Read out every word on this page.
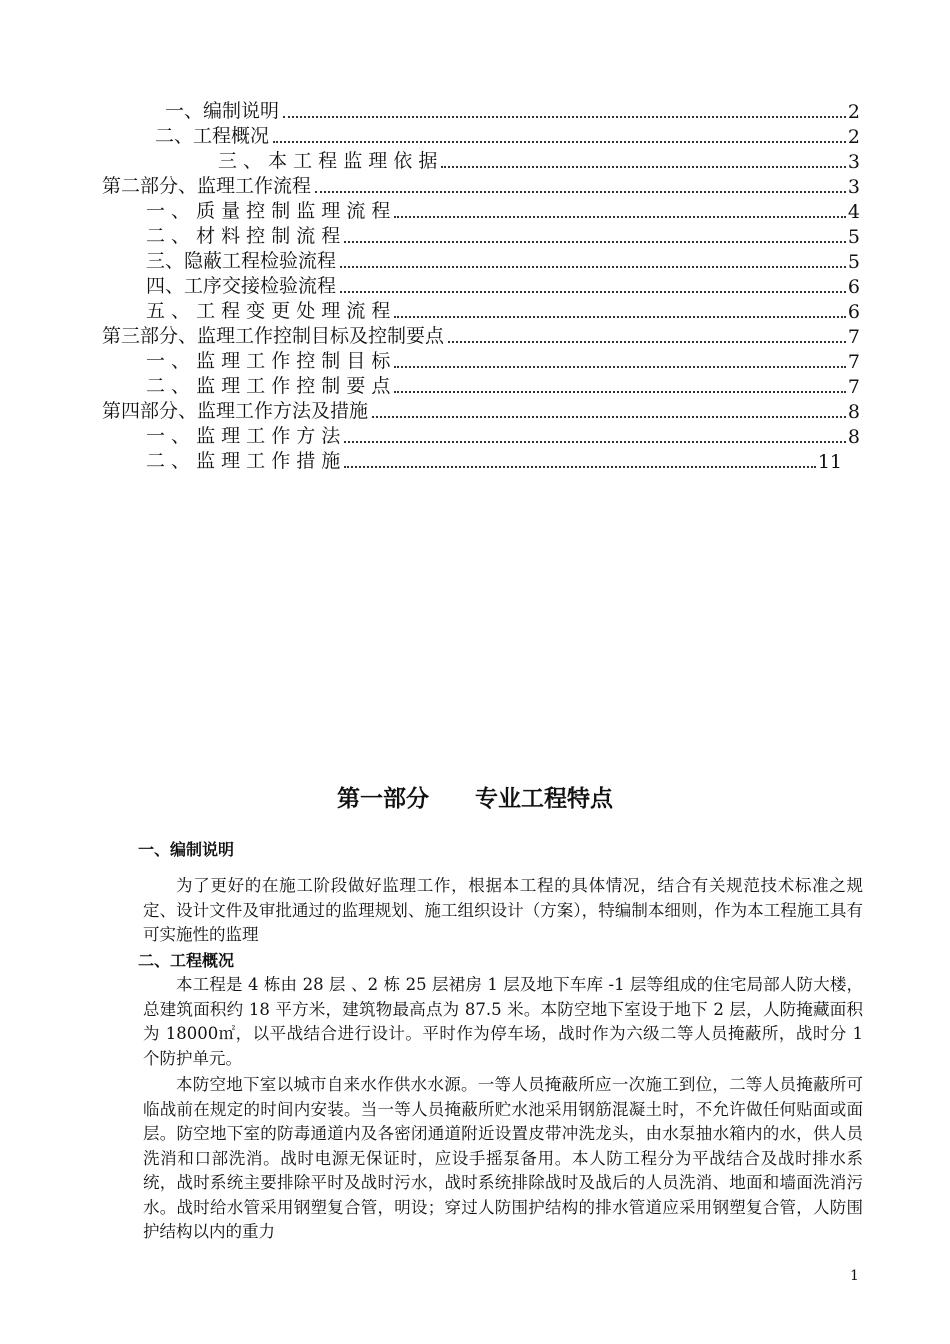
一、编制说明	2
二、工程概况	2
三 、 本 工 程 监 理 依 据	3
第二部分、监理工作流程	3
一 、 质 量 控 制 监 理 流 程	4
二 、 材 料 控 制 流 程	5
三、隐蔽工程检验流程	5
四、工序交接检验流程	6
五 、 工 程 变 更 处 理 流 程	6
第三部分、监理工作控制目标及控制要点	7
一 、 监 理 工 作 控 制 目 标	7
二 、 监 理 工 作 控 制 要 点	7
第四部分、监理工作方法及措施	8
一 、 监 理 工 作 方 法	8
二 、 监 理 工 作 措 施	11
第一部分　　专业工程特点
一、编制说明

为了更好的在施工阶段做好监理工作，根据本工程的具体情况，结合有关规范技术标准之规定、设计文件及审批通过的监理规划、施工组织设计（方案），特编制本细则，作为本工程施工具有可实施性的监理

二、工程概况

本工程是 4 栋由 28 层 、2 栋 25 层裙房 1 层及地下车库 -1 层等组成的住宅局部人防大楼，总建筑面积约 18 平方米，建筑物最高点为 87.5 米。本防空地下室设于地下 2 层，人防掩藏面积为 18000㎡，以平战结合进行设计。平时作为停车场，战时作为六级二等人员掩蔽所，战时分 1 个防护单元。

本防空地下室以城市自来水作供水水源。一等人员掩蔽所应一次施工到位，二等人员掩蔽所可临战前在规定的时间内安装。当一等人员掩蔽所贮水池采用钢筋混凝土时，不允许做任何贴面或面层。防空地下室的防毒通道内及各密闭通道附近设置皮带冲洗龙头，由水泵抽水箱内的水，供人员洗消和口部洗消。战时电源无保证时，应设手摇泵备用。本人防工程分为平战结合及战时排水系统，战时系统主要排除平时及战时污水，战时系统排除战时及战后的人员洗消、地面和墙面洗消污水。战时给水管采用钢塑复合管，明设；穿过人防围护结构的排水管道应采用钢塑复合管，人防围护结构以内的重力

1
